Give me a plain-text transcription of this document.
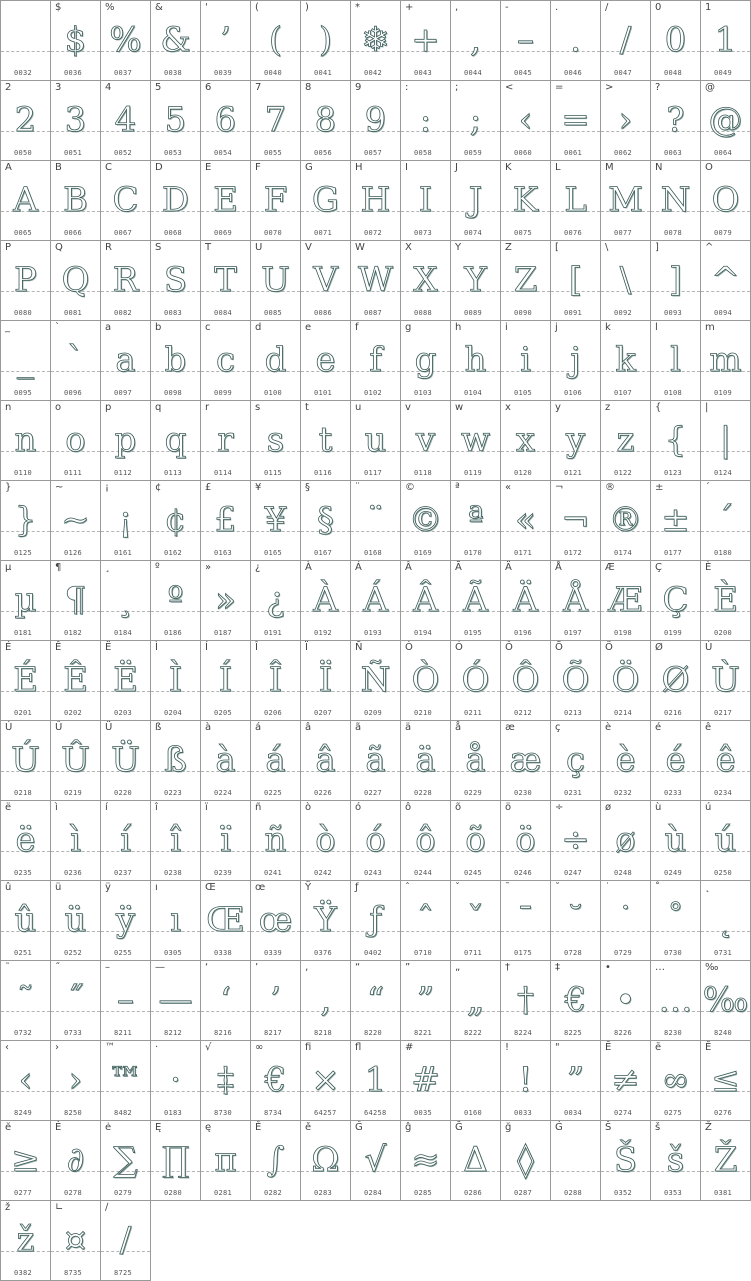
0032
$
$
0036
%
%
0037
&
&
0038
'
’
0039
(
(
0040
)
)
0041
*
❄
0042
+
+
0043
,
,
0044
-
–
0045
.
.
0046
/
/
0047
0
0
0048
1
1
0049
2
2
0050
3
3
0051
4
4
0052
5
5
0053
6
6
0054
7
7
0055
8
8
0056
9
9
0057
:
:
0058
;
;
0059
<
‹
0060
=
=
0061
>
›
0062
?
?
0063
@
@
0064
A
A
0065
B
B
0066
C
C
0067
D
D
0068
E
E
0069
F
F
0070
G
G
0071
H
H
0072
I
I
0073
J
J
0074
K
K
0075
L
L
0076
M
M
0077
N
N
0078
O
O
0079
P
P
0080
Q
Q
0081
R
R
0082
S
S
0083
T
T
0084
U
U
0085
V
V
0086
W
W
0087
X
X
0088
Y
Y
0089
Z
Z
0090
[
[
0091
\
\
0092
]
]
0093
^
^
0094
_
_
0095
`
`
0096
a
a
0097
b
b
0098
c
c
0099
d
d
0100
e
e
0101
f
f
0102
g
g
0103
h
h
0104
i
i
0105
j
j
0106
k
k
0107
l
l
0108
m
m
0109
n
n
0110
o
o
0111
p
p
0112
q
q
0113
r
r
0114
s
s
0115
t
t
0116
u
u
0117
v
v
0118
w
w
0119
x
x
0120
y
y
0121
z
z
0122
{
{
0123
|
|
0124
}
}
0125
~
~
0126
¡
¡
0161
¢
¢
0162
£
£
0163
¥
¥
0165
§
§
0167
¨
¨
0168
©
©
0169
ª
ª
0170
«
«
0171
¬
¬
0172
®
®
0174
±
±
0177
´
´
0180
µ
µ
0181
¶
¶
0182
¸
¸
0184
º
º
0186
»
»
0187
¿
¿
0191
À
À
0192
Á
Á
0193
Â
Â
0194
Ã
Ã
0195
Ä
Ä
0196
Å
Å
0197
Æ
Æ
0198
Ç
Ç
0199
È
È
0200
É
É
0201
Ê
Ê
0202
Ë
Ë
0203
Ì
Ì
0204
Í
Í
0205
Î
Î
0206
Ï
Ï
0207
Ñ
Ñ
0209
Ò
Ò
0210
Ó
Ó
0211
Ô
Ô
0212
Õ
Õ
0213
Ö
Ö
0214
Ø
Ø
0216
Ù
Ù
0217
Ú
Ú
0218
Û
Û
0219
Ü
Ü
0220
ß
ß
0223
à
à
0224
á
á
0225
â
â
0226
ã
ã
0227
ä
ä
0228
å
å
0229
æ
æ
0230
ç
ç
0231
è
è
0232
é
é
0233
ê
ê
0234
ë
ë
0235
ì
ì
0236
í
í
0237
î
î
0238
ï
ï
0239
ñ
ñ
0241
ò
ò
0242
ó
ó
0243
ô
ô
0244
õ
õ
0245
ö
ö
0246
÷
÷
0247
ø
ø
0248
ù
ù
0249
ú
ú
0250
û
û
0251
ü
ü
0252
ÿ
ÿ
0255
ı
ı
0305
Œ
Œ
0338
œ
œ
0339
Ÿ
Ÿ
0376
ƒ
ƒ
0402
ˆ
ˆ
0710
ˇ
ˇ
0711
¯
¯
0175
˘
˘
0728
˙
˙
0729
˚
˚
0730
˛
˛
0731
˜
˜
0732
˝
˝
0733
–
–
8211
—
—
8212
‘
‘
8216
’
’
8217
‚
‚
8218
“
“
8220
”
”
8221
„
„
8222
†
†
8224
‡
€
8225
•
•
8226
…
…
8230
‰
‰
8240
‹
‹
8249
›
›
8250
™
™
8482
·
·
0183
√
‡
8730
∞
€
8734
ﬁ
×
64257
ﬂ
1
64258
#
#
0035	0160
!
!
0033
"
”
0034
Ē
≠
0274
ē
∞
0275
Ĕ
≤
0276
ĕ
≥
0277
Ė
∂
0278
ė
∑
0279
Ę
∏
0280
ę
π
0281
Ě
∫
0282
ě
Ω
0283
Ĝ
√
0284
ĝ
≈
0285
Ğ
∆
0286
ğ
◊
0287
Ġ
0288
Š
Š
0352
š
š
0353
Ž
Ž
0381
ž
ž
0382
∟
¤
8735
∕
/
8725
